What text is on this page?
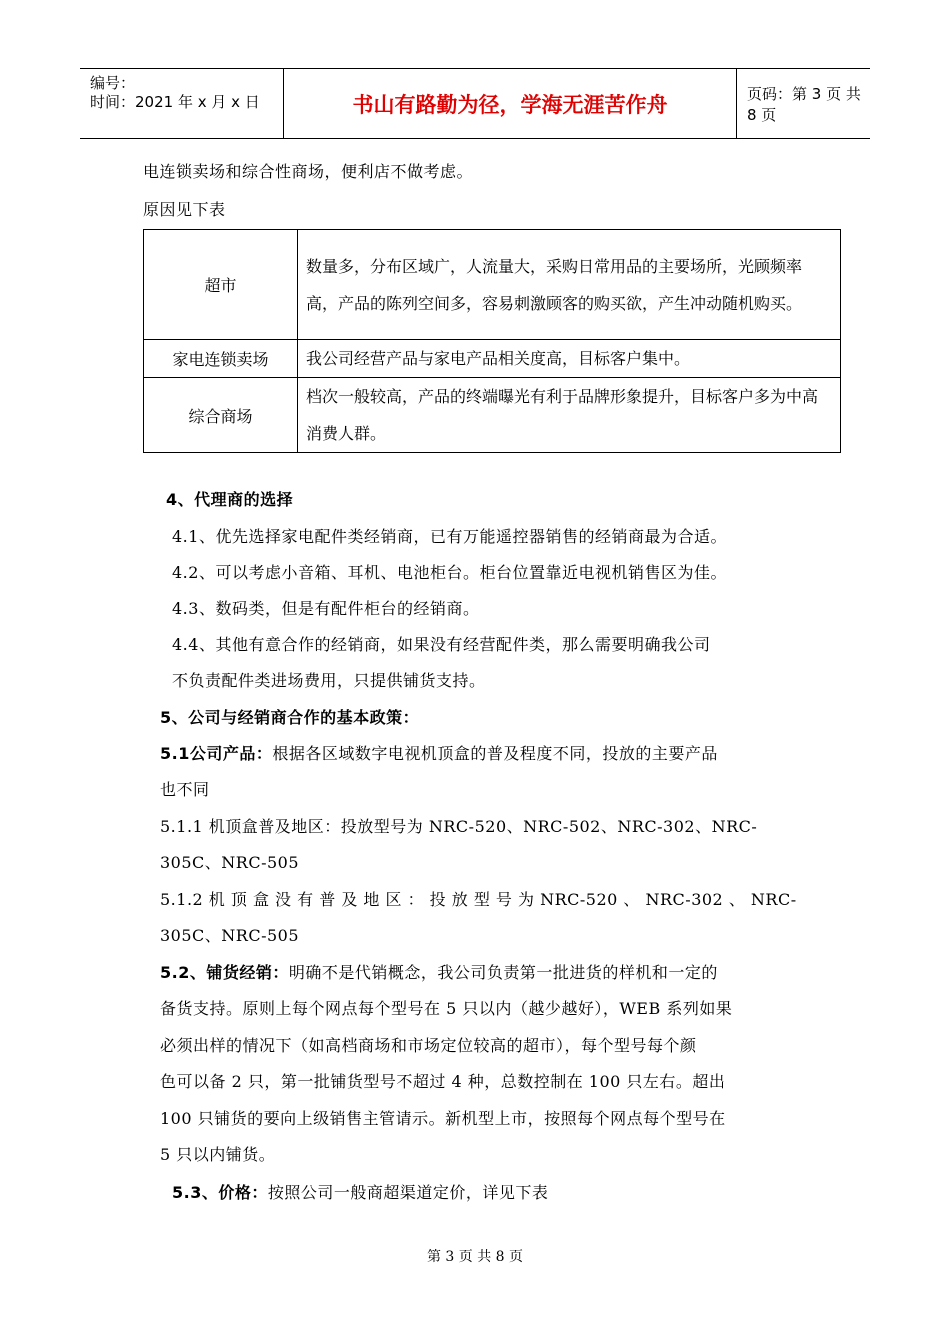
编号：
时间：2021 年 x 月 x 日	书山有路勤为径，学海无涯苦作舟	页码：第 3 页 共 8 页
电连锁卖场和综合性商场，便利店不做考虑。
原因见下表
超市	数量多，分布区域广，人流量大，采购日常用品的主要场所，光顾频率高，产品的陈列空间多，容易刺激顾客的购买欲，产生冲动随机购买。
家电连锁卖场	我公司经营产品与家电产品相关度高，目标客户集中。
综合商场	档次一般较高，产品的终端曝光有利于品牌形象提升，目标客户多为中高消费人群。
4、代理商的选择
4.1、优先选择家电配件类经销商，已有万能遥控器销售的经销商最为合适。
4.2、可以考虑小音箱、耳机、电池柜台。柜台位置靠近电视机销售区为佳。
4.3、数码类，但是有配件柜台的经销商。
4.4、其他有意合作的经销商，如果没有经营配件类，那么需要明确我公司
不负责配件类进场费用，只提供铺货支持。
5、公司与经销商合作的基本政策：
5.1公司产品：根据各区域数字电视机顶盒的普及程度不同，投放的主要产品
也不同
5.1.1 机顶盒普及地区：投放型号为 NRC-520、NRC-502、NRC-302、NRC-
305C、NRC-505
5.1.2 机 顶 盒 没 有 普 及 地 区 ： 投 放 型 号 为 NRC-520 、 NRC-302 、 NRC-
305C、NRC-505
5.2、铺货经销：明确不是代销概念，我公司负责第一批进货的样机和一定的
备货支持。原则上每个网点每个型号在 5 只以内（越少越好），WEB 系列如果
必须出样的情况下（如高档商场和市场定位较高的超市），每个型号每个颜
色可以备 2 只，第一批铺货型号不超过 4 种，总数控制在 100 只左右。超出
100 只铺货的要向上级销售主管请示。新机型上市，按照每个网点每个型号在
5 只以内铺货。
5.3、价格：按照公司一般商超渠道定价，详见下表
第 3 页 共 8 页
